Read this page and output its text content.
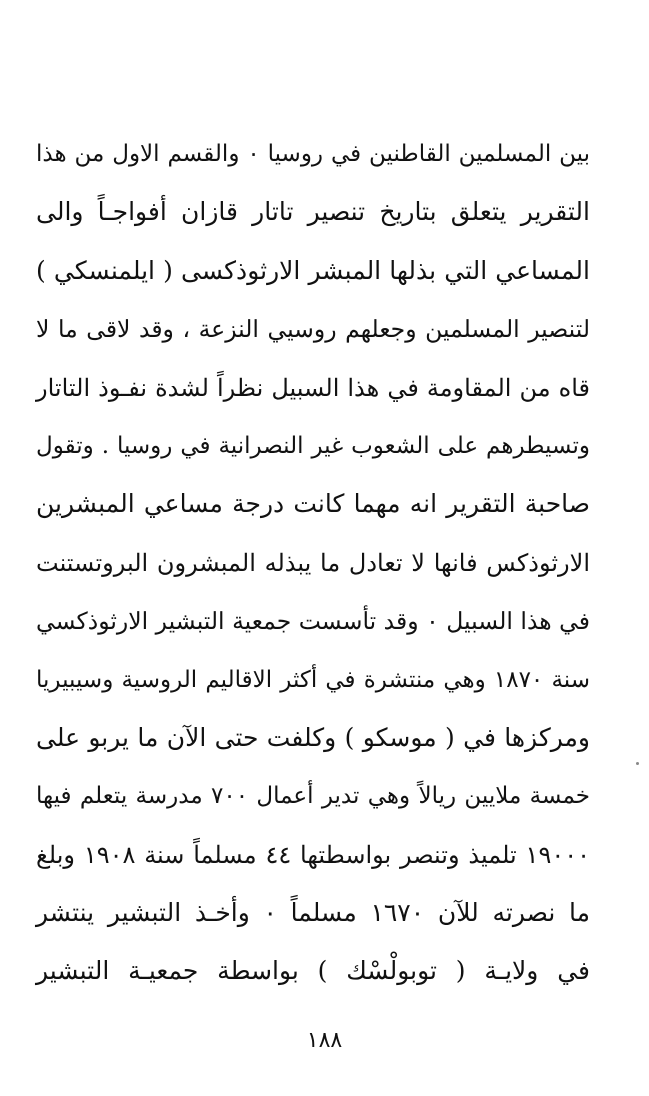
بين المسلمين القاطنين في روسيا ٠ والقسم الاول من هذا
التقرير يتعلق بتاريخ تنصير تاتار قازان أفواجـاً والى
المساعي التي بذلها المبشر الارثوذكسى ( ايلمنسكي )
لتنصير المسلمين وجعلهم روسيي النزعة ، وقد لاقى ما لا
قاه من المقاومة في هذا السبيل نظراً لشدة نفـوذ التاتار
وتسيطرهم على الشعوب غير النصرانية في روسيا . وتقول
صاحبة التقرير انه مهما كانت درجة مساعي المبشرين
الارثوذكس فانها لا تعادل ما يبذله المبشرون البروتستنت
في هذا السبيل ٠ وقد تأسست جمعية التبشير الارثوذكسي
سنة ١٨٧٠ وهي منتشرة في أكثر الاقاليم الروسية وسيبيريا
ومركزها في ( موسكو ) وكلفت حتى الآن ما يربو على
خمسة ملايين ريالاً وهي تدير أعمال ٧٠٠ مدرسة يتعلم فيها
١٩٠٠٠ تلميذ وتنصر بواسطتها ٤٤ مسلماً سنة ١٩٠٨ وبلغ
ما نصرته للآن ١٦٧٠ مسلماً ٠ وأخـذ التبشير ينتشر
في ولايـة ( توبولْسْك ) بواسطة جمعيـة التبشير
١٨٨
